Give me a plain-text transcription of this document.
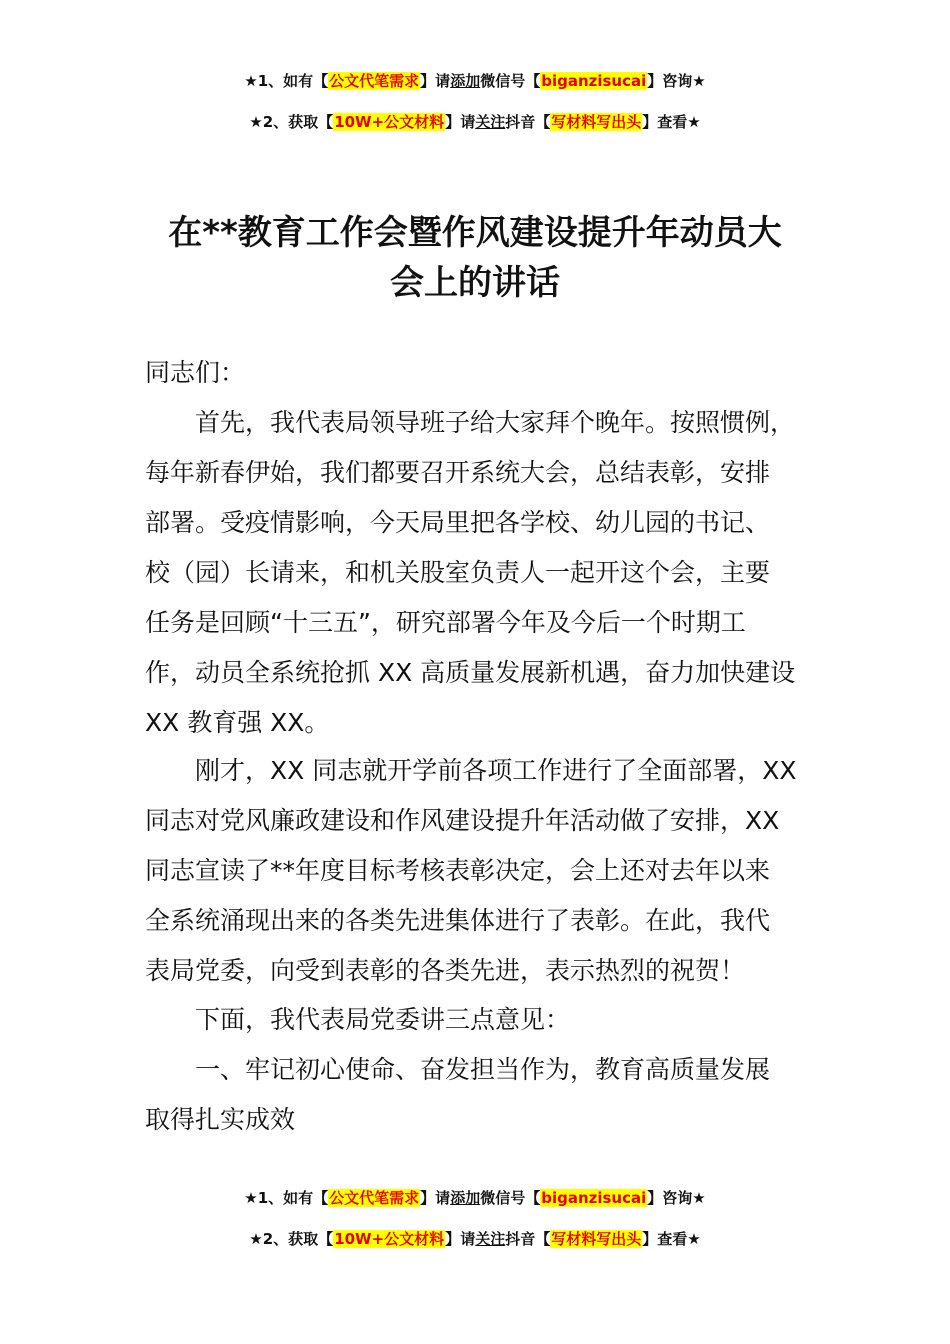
★1、如有【公文代笔需求】请添加微信号【biganzisucai】咨询★
★2、获取【10W+公文材料】请关注抖音【写材料写出头】查看★
在**教育工作会暨作风建设提升年动员大
会上的讲话

同志们：

首先，我代表局领导班子给大家拜个晚年。按照惯例，
每年新春伊始，我们都要召开系统大会，总结表彰，安排
部署。受疫情影响，今天局里把各学校、幼儿园的书记、
校（园）长请来，和机关股室负责人一起开这个会，主要
任务是回顾“十三五”，研究部署今年及今后一个时期工
作，动员全系统抢抓 XX 高质量发展新机遇，奋力加快建设
XX 教育强 XX。

刚才，XX 同志就开学前各项工作进行了全面部署，XX
同志对党风廉政建设和作风建设提升年活动做了安排，XX
同志宣读了**年度目标考核表彰决定，会上还对去年以来
全系统涌现出来的各类先进集体进行了表彰。在此，我代
表局党委，向受到表彰的各类先进，表示热烈的祝贺！

下面，我代表局党委讲三点意见：

一、牢记初心使命、奋发担当作为，教育高质量发展
取得扎实成效

★1、如有【公文代笔需求】请添加微信号【biganzisucai】咨询★
★2、获取【10W+公文材料】请关注抖音【写材料写出头】查看★
